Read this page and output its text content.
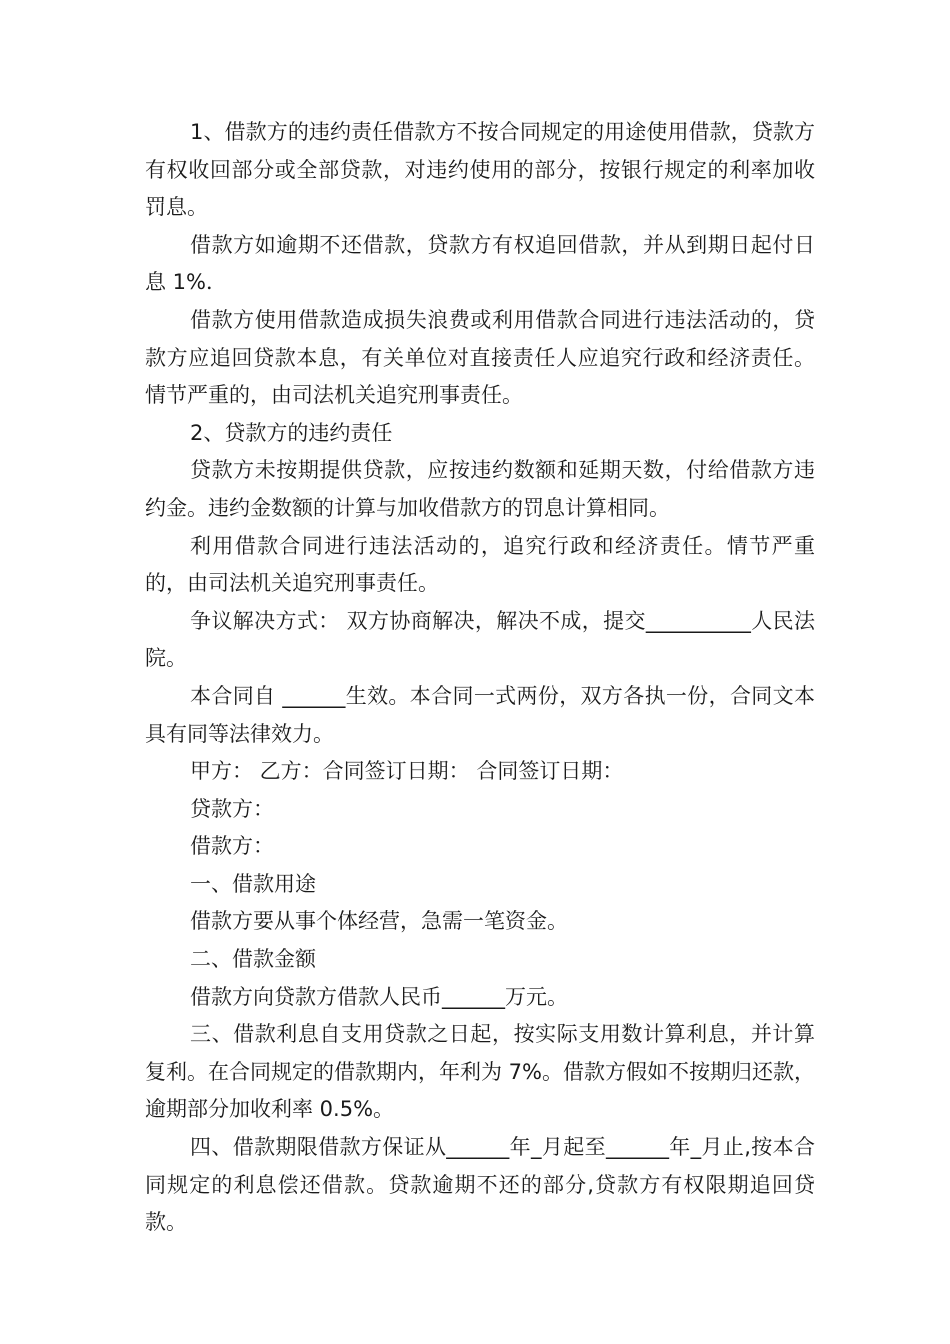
1、借款方的违约责任借款方不按合同规定的用途使用借款，贷款方有权收回部分或全部贷款，对违约使用的部分，按银行规定的利率加收罚息。

借款方如逾期不还借款，贷款方有权追回借款，并从到期日起付日息 1%．

借款方使用借款造成损失浪费或利用借款合同进行违法活动的，贷款方应追回贷款本息，有关单位对直接责任人应追究行政和经济责任。情节严重的，由司法机关追究刑事责任。

2、贷款方的违约责任

贷款方未按期提供贷款，应按违约数额和延期天数，付给借款方违约金。违约金数额的计算与加收借款方的罚息计算相同。

利用借款合同进行违法活动的，追究行政和经济责任。情节严重的，由司法机关追究刑事责任。

争议解决方式： 双方协商解决，解决不成，提交__________人民法院。

本合同自 ______生效。本合同一式两份，双方各执一份，合同文本具有同等法律效力。

甲方： 乙方：合同签订日期： 合同签订日期：

贷款方：

借款方：

一、借款用途

借款方要从事个体经营，急需一笔资金。

二、借款金额

借款方向贷款方借款人民币______万元。

三、借款利息自支用贷款之日起，按实际支用数计算利息，并计算复利。在合同规定的借款期内，年利为 7%。借款方假如不按期归还款，逾期部分加收利率 0.5%。

四、借款期限借款方保证从______年_月起至______年_月止,按本合同规定的利息偿还借款。贷款逾期不还的部分,贷款方有权限期追回贷款。
